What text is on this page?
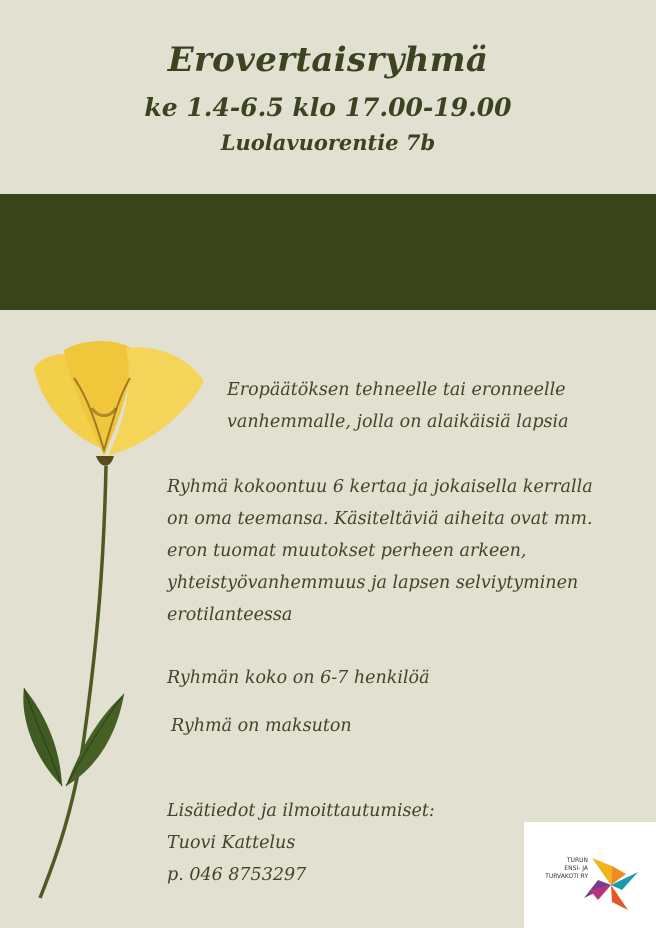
Erovertaisryhmä
ke 1.4-6.5 klo 17.00-19.00
Luolavuorentie 7b
Eropäätöksen tehneelle tai eronneelle
vanhemmalle, jolla on alaikäisiä lapsia
Ryhmä kokoontuu 6 kertaa ja jokaisella kerralla
on oma teemansa. Käsiteltäviä aiheita ovat mm.
eron tuomat muutokset perheen arkeen,
yhteistyövanhemmuus ja lapsen selviytyminen
erotilanteessa
Ryhmän koko on 6-7 henkilöä
Ryhmä on maksuton
Lisätiedot ja ilmoittautumiset:
Tuovi Kattelus
p. 046 8753297
TURUN
ENSI- JA
TURVAKOTI RY
